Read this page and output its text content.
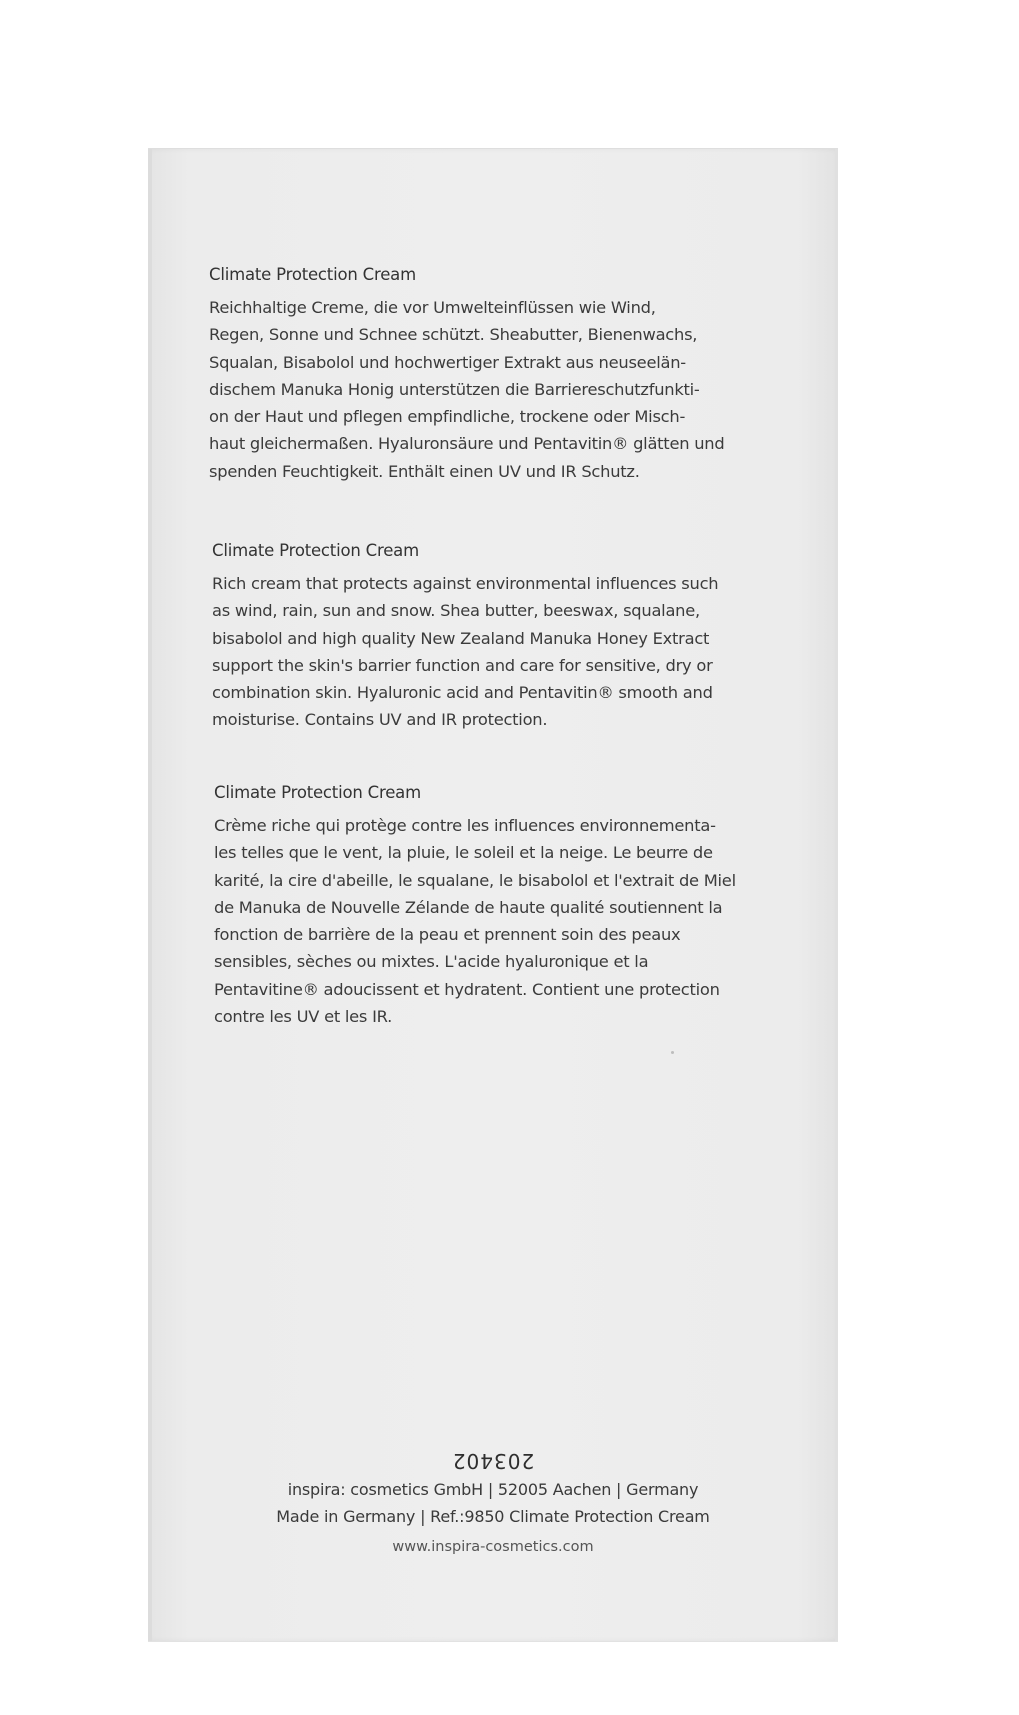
Climate Protection Cream
Reichhaltige Creme, die vor Umwelteinflüssen wie Wind,
Regen, Sonne und Schnee schützt. Sheabutter, Bienenwachs,
Squalan, Bisabolol und hochwertiger Extrakt aus neuseelän-
dischem Manuka Honig unterstützen die Barriereschutzfunkti-
on der Haut und pflegen empfindliche, trockene oder Misch-
haut gleichermaßen. Hyaluronsäure und Pentavitin® glätten und
spenden Feuchtigkeit. Enthält einen UV und IR Schutz.
Climate Protection Cream
Rich cream that protects against environmental influences such
as wind, rain, sun and snow. Shea butter, beeswax, squalane,
bisabolol and high quality New Zealand Manuka Honey Extract
support the skin's barrier function and care for sensitive, dry or
combination skin. Hyaluronic acid and Pentavitin® smooth and
moisturise. Contains UV and IR protection.
Climate Protection Cream
Crème riche qui protège contre les influences environnementa-
les telles que le vent, la pluie, le soleil et la neige. Le beurre de
karité, la cire d'abeille, le squalane, le bisabolol et l'extrait de Miel
de Manuka de Nouvelle Zélande de haute qualité soutiennent la
fonction de barrière de la peau et prennent soin des peaux
sensibles, sèches ou mixtes. L'acide hyaluronique et la
Pentavitine® adoucissent et hydratent. Contient une protection
contre les UV et les IR.
203402
inspira: cosmetics GmbH | 52005 Aachen | Germany
Made in Germany | Ref.:9850 Climate Protection Cream
www.inspira-cosmetics.com
